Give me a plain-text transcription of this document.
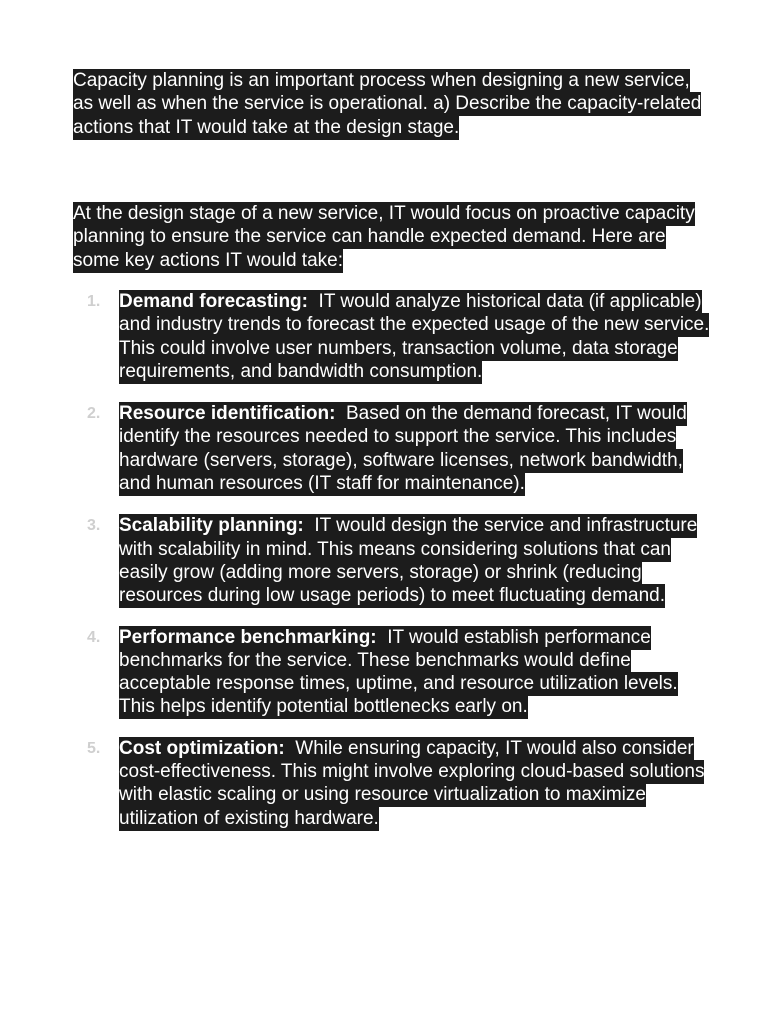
Capacity planning is an important process when designing a new service, as well as when the service is operational. a) Describe the capacity-related actions that IT would take at the design stage.

At the design stage of a new service, IT would focus on proactive capacity planning to ensure the service can handle expected demand. Here are some key actions IT would take:

1. Demand forecasting: IT would analyze historical data (if applicable) and industry trends to forecast the expected usage of the new service. This could involve user numbers, transaction volume, data storage requirements, and bandwidth consumption.
2. Resource identification: Based on the demand forecast, IT would identify the resources needed to support the service. This includes hardware (servers, storage), software licenses, network bandwidth, and human resources (IT staff for maintenance).
3. Scalability planning: IT would design the service and infrastructure with scalability in mind. This means considering solutions that can easily grow (adding more servers, storage) or shrink (reducing resources during low usage periods) to meet fluctuating demand.
4. Performance benchmarking: IT would establish performance benchmarks for the service. These benchmarks would define acceptable response times, uptime, and resource utilization levels. This helps identify potential bottlenecks early on.
5. Cost optimization: While ensuring capacity, IT would also consider cost-effectiveness. This might involve exploring cloud-based solutions with elastic scaling or using resource virtualization to maximize utilization of existing hardware.
